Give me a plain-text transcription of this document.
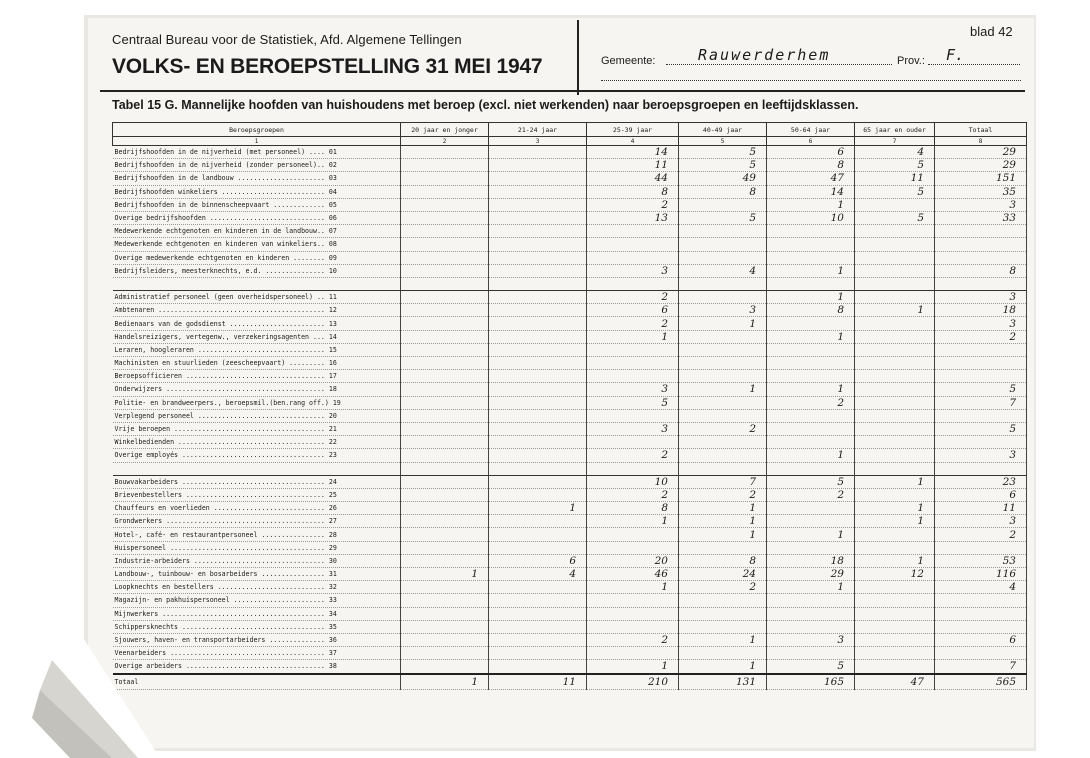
Centraal Bureau voor de Statistiek, Afd. Algemene Tellingen
VOLKS- EN BEROEPSTELLING 31 MEI 1947
blad 42
Gemeente:	Rauwerderhem	Prov.: F.
Tabel 15 G. Mannelijke hoofden van huishoudens met beroep (excl. niet werkenden) naar beroepsgroepen en leeftijdsklassen.
Beroepsgroepen	20 jaar en jonger	21-24 jaar	25-39 jaar	40-49 jaar	50-64 jaar	65 jaar en ouder	Totaal
1	2	3	4	5	6	7	8
Bedrijfshoofden in de nijverheid (met personeel) .... 01			14	5	6	4	29
Bedrijfshoofden in de nijverheid (zonder personeel).. 02			11	5	8	5	29
Bedrijfshoofden in de landbouw ...................... 03			44	49	47	11	151
Bedrijfshoofden winkeliers .......................... 04			8	8	14	5	35
Bedrijfshoofden in de binnenscheepvaart ............. 05			2		1		3
Overige bedrijfshoofden ............................. 06			13	5	10	5	33
Medewerkende echtgenoten en kinderen in de landbouw.. 07							
Medewerkende echtgenoten en kinderen van winkeliers.. 08							
Overige medewerkende echtgenoten en kinderen ........ 09							
Bedrijfsleiders, meesterknechts, e.d. ............... 10			3	4	1		8

Administratief personeel (geen overheidspersoneel) .. 11			2		1		3
Ambtenaren .......................................... 12			6	3	8	1	18
Bedienaars van de godsdienst ........................ 13			2	1			3
Handelsreizigers, vertegenw., verzekeringsagenten ... 14			1		1		2
Leraren, hoogleraren ................................ 15							
Machinisten en stuurlieden (zeescheepvaart) ......... 16							
Beroepsofficieren ................................... 17							
Onderwijzers ........................................ 18			3	1	1		5
Politie- en brandweerpers., beroepsmil.(ben.rang off.) 19			5		2		7
Verplegend personeel ................................ 20							
Vrije beroepen ...................................... 21			3	2			5
Winkelbedienden ..................................... 22							
Overige employés .................................... 23			2		1		3

Bouwvakarbeiders .................................... 24			10	7	5	1	23
Brievenbestellers ................................... 25			2	2	2		6
Chauffeurs en voerlieden ............................ 26		1	8	1		1	11
Grondwerkers ........................................ 27			1	1		1	3
Hotel-, café- en restaurantpersoneel ................ 28				1	1		2
Huispersoneel ....................................... 29							
Industrie-arbeiders ................................. 30		6	20	8	18	1	53
Landbouw-, tuinbouw- en bosarbeiders ................ 31	1	4	46	24	29	12	116
Loopknechts en bestellers ........................... 32			1	2	1		4
Magazijn- en pakhuispersoneel ....................... 33							
Mijnwerkers ......................................... 34							
Schippersknechts .................................... 35							
Sjouwers, haven- en transportarbeiders .............. 36			2	1	3		6
Veenarbeiders ....................................... 37							
Overige arbeiders ................................... 38			1	1	5		7
Totaal	1	11	210	131	165	47	565
